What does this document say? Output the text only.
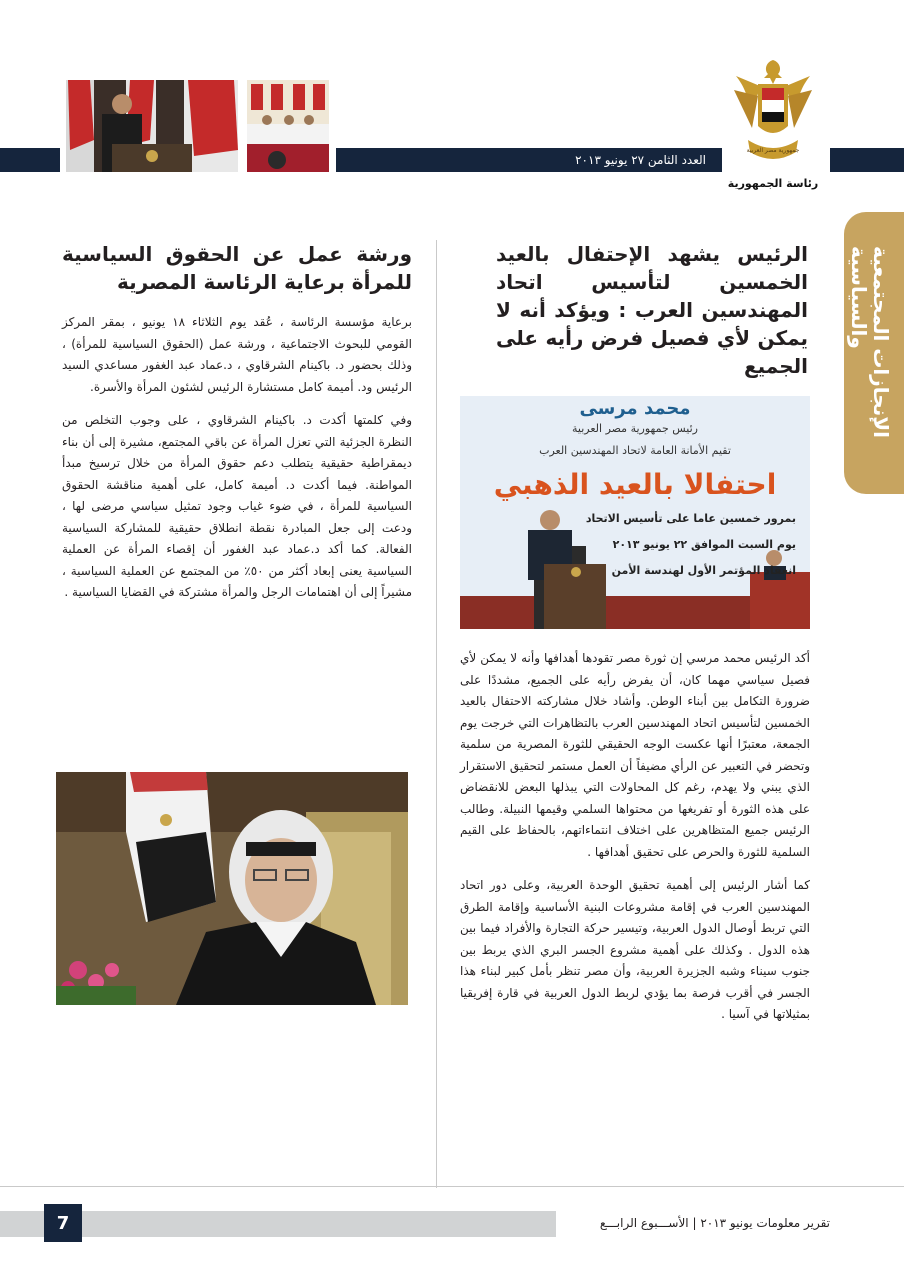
العدد الثامن ٢٧ يونيو ٢٠١٣
جمهورية مصر العربية
رئاسة الجمهورية
الإنجازات المجتمعية
والسياسية
ورشة عمل عن الحقوق السياسية للمرأة برعاية الرئاسة المصرية

برعاية مؤسسة الرئاسة ، عُقد يوم الثلاثاء ١٨ يونيو ، بمقر المركز القومي للبحوث الاجتماعية ، ورشة عمل (الحقوق السياسية للمرأة) ، وذلك بحضور د. باكينام الشرقاوي ، د.عماد عبد الغفور مساعدي السيد الرئيس ود. أميمة كامل مستشارة الرئيس لشئون المرأة والأسرة.

وفي كلمتها أكدت د. باكينام الشرقاوي ، على وجوب التخلص من النظرة الجزئية التي تعزل المرأة عن باقي المجتمع، مشيرة إلى أن بناء ديمقراطية حقيقية يتطلب دعم حقوق المرأة من خلال ترسيخ مبدأ المواطنة. فيما أكدت د. أميمة كامل، على أهمية مناقشة الحقوق السياسية للمرأة ، في ضوء غياب وجود تمثيل سياسي مرضى لها ، ودعت إلى جعل المبادرة نقطة انطلاق حقيقية للمشاركة السياسية الفعالة. كما أكد د.عماد عبد الغفور أن إقصاء المرأة عن العملية السياسية يعنى إبعاد أكثر من ٥٠٪ من المجتمع عن العملية السياسية ، مشيراً إلى أن اهتمامات الرجل والمرأة مشتركة في القضايا السياسية .

الرئيس يشهد الإحتفال بالعيد الخمسين لتأسيس اتحاد المهندسين العرب : ويؤكد أنه لا يمكن لأي فصيل فرض رأيه على الجميع
محمد مرسى
رئيس جمهورية مصر العربية
تقيم الأمانة العامة لاتحاد المهندسين العرب
احتفالا بالعيد الذهبي
بمرور خمسين عاما على تأسيس الاتحاد
يوم السبت الموافق ٢٢ يونيو ٢٠١٣
انعقاد المؤتمر الأول لهندسة الأمن

أكد الرئيس محمد مرسي إن ثورة مصر تقودها أهدافها وأنه لا يمكن لأي فصيل سياسي مهما كان، أن يفرض رأيه على الجميع، مشددًا على ضرورة التكامل بين أبناء الوطن. وأشاد خلال مشاركته الاحتفال بالعيد الخمسين لتأسيس اتحاد المهندسين العرب بالتظاهرات التي خرجت يوم الجمعة، معتبرًا أنها عكست الوجه الحقيقي للثورة المصرية من سلمية وتحضر في التعبير عن الرأي مضيفاً أن العمل مستمر لتحقيق الاستقرار الذي يبني ولا يهدم، رغم كل المحاولات التي يبذلها البعض للانقضاض على هذه الثورة أو تفريغها من محتواها السلمي وقيمها النبيلة. وطالب الرئيس جميع المتظاهرين على اختلاف انتماءاتهم، بالحفاظ على القيم السلمية للثورة والحرص على تحقيق أهدافها .

كما أشار الرئيس إلى أهمية تحقيق الوحدة العربية، وعلى دور اتحاد المهندسين العرب في إقامة مشروعات البنية الأساسية وإقامة الطرق التي تربط أوصال الدول العربية، وتيسير حركة التجارة والأفراد فيما بين هذه الدول . وكذلك على أهمية مشروع الجسر البري الذي يربط بين جنوب سيناء وشبه الجزيرة العربية، وأن مصر تنظر بأمل كبير لبناء هذا الجسر في أقرب فرصة بما يؤدي لربط الدول العربية في قارة إفريقيا بمثيلاتها في آسيا .

7	تقرير معلومات يونيو ٢٠١٣ | الأســـبوع الرابـــع
